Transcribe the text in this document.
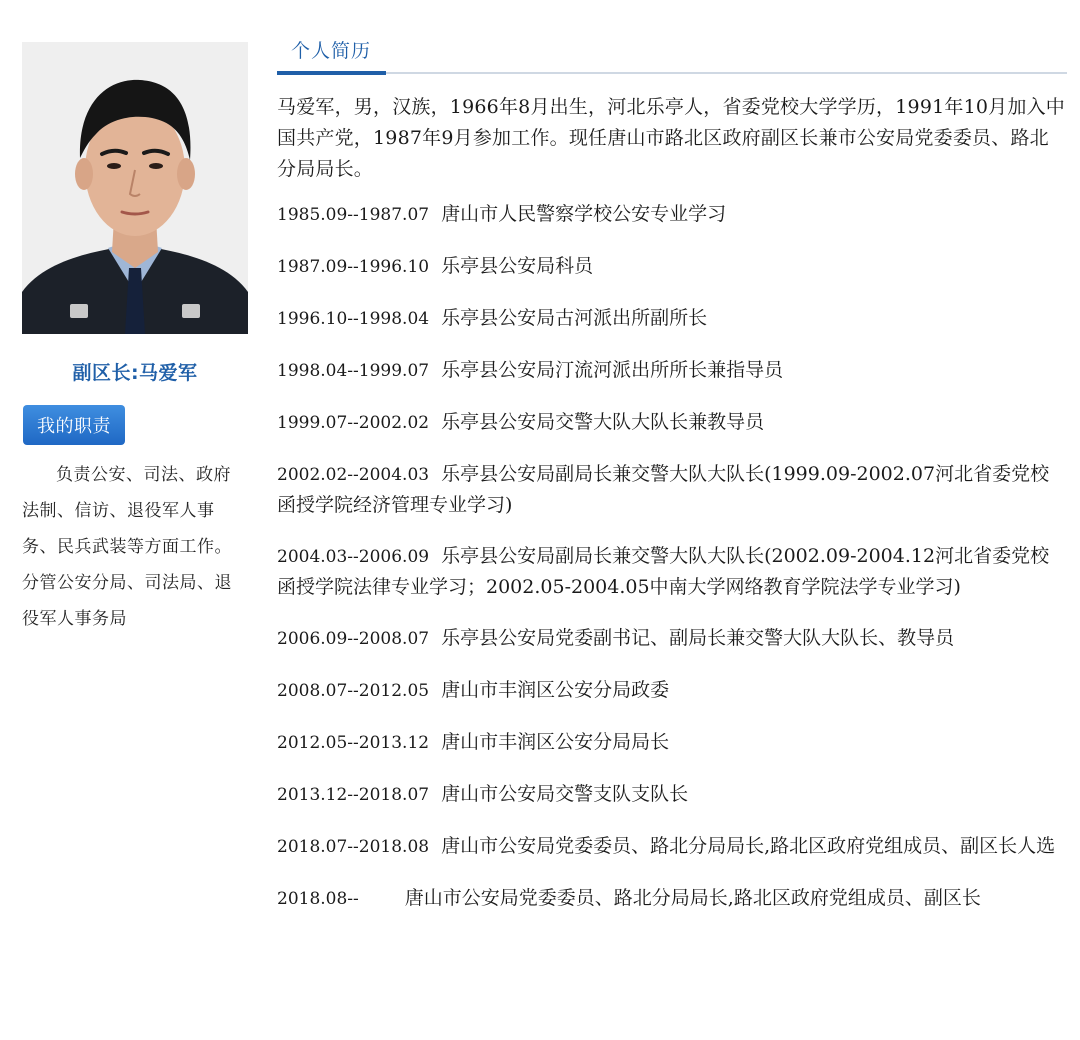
副区长:马爱军
我的职责
负责公安、司法、政府法制、信访、退役军人事务、民兵武装等方面工作。分管公安分局、司法局、退役军人事务局
个人简历
马爱军，男，汉族，1966年8月出生，河北乐亭人，省委党校大学学历，1991年10月加入中国共产党，1987年9月参加工作。现任唐山市路北区政府副区长兼市公安局党委委员、路北分局局长。
1985.09--1987.07 唐山市人民警察学校公安专业学习
1987.09--1996.10 乐亭县公安局科员
1996.10--1998.04 乐亭县公安局古河派出所副所长
1998.04--1999.07 乐亭县公安局汀流河派出所所长兼指导员
1999.07--2002.02 乐亭县公安局交警大队大队长兼教导员
2002.02--2004.03 乐亭县公安局副局长兼交警大队大队长(1999.09-2002.07河北省委党校函授学院经济管理专业学习)
2004.03--2006.09 乐亭县公安局副局长兼交警大队大队长(2002.09-2004.12河北省委党校函授学院法律专业学习；2002.05-2004.05中南大学网络教育学院法学专业学习)
2006.09--2008.07 乐亭县公安局党委副书记、副局长兼交警大队大队长、教导员
2008.07--2012.05 唐山市丰润区公安分局政委
2012.05--2013.12 唐山市丰润区公安分局局长
2013.12--2018.07 唐山市公安局交警支队支队长
2018.07--2018.08 唐山市公安局党委委员、路北分局局长,路北区政府党组成员、副区长人选
2018.08-- 唐山市公安局党委委员、路北分局局长,路北区政府党组成员、副区长
